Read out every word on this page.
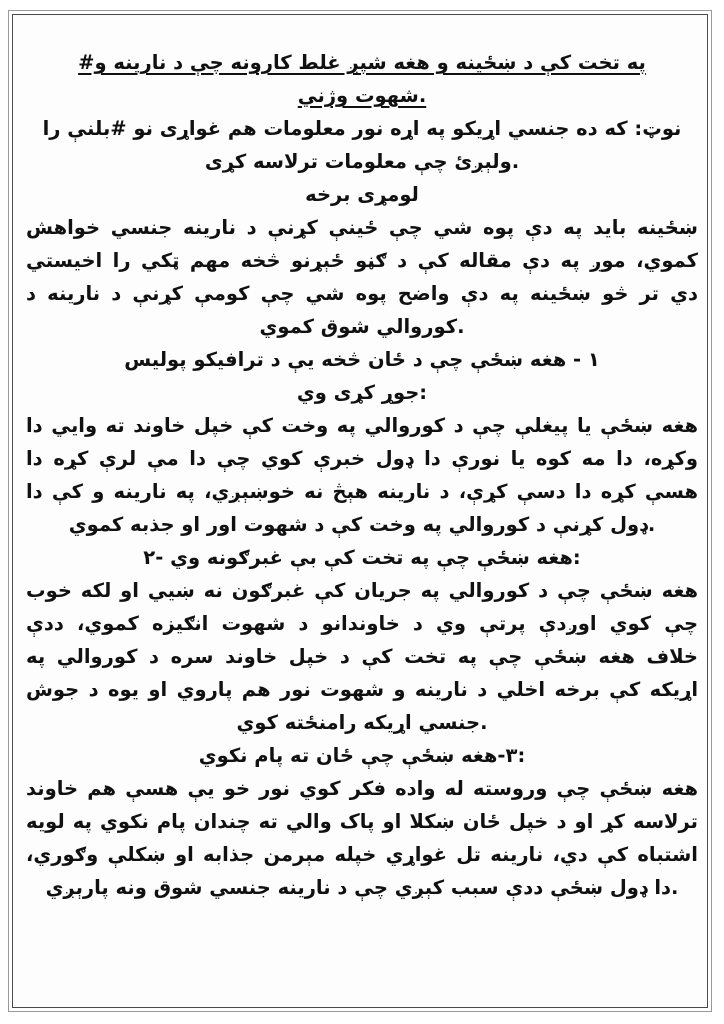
په تخت کې د ښځینه و هغه شپږ غلط کارونه چې د نارینه و#
.شهوت وژني
نوټ: که ده جنسي اړیکو په اړه نور معلومات هم غواړی نو #بلنې را
.ولېږئ چې معلومات ترلاسه کړی
لومړی برخه
ښځینه باید په دې پوه شي چې ځینې کړنې د نارینه جنسي خواهش
کموي، موږ په دې مقاله کې د ګڼو ځېړنو څخه مهم ټکي را اخیستي
دي تر څو ښځینه په دې واضح پوه شي چې کومې کړنې د نارینه د
.کوروالي شوق کموي
۱ - هغه ښځې چې د ځان څخه یې د ترافیکو پولیس
:جوړ کړی وي
هغه ښځې یا پیغلې چې د کوروالي په وخت کې خپل خاوند ته وایي دا
وکړه، دا مه کوه یا نورې دا ډول خبرې کوي چې دا مې لرې کړه دا
هسې کړه دا دسې کړې، د نارینه هېڅ نه خوښېږي، په نارینه و کې دا
.ډول کړنې د کوروالي په وخت کې د شهوت اور او جذبه کموي
:هغه ښځې چې په تخت کې بې غبرګونه وي -۲
هغه ښځې چې د کوروالي په جریان کې غبرګون نه ښیي او لکه خوب
چې کوي اوږدې پرتې وي د خاوندانو د شهوت انګیزه کموي، ددې
خلاف هغه ښځې چې په تخت کې د خپل خاوند سره د کوروالي په
اړیکه کې برخه اخلي د نارینه و شهوت نور هم پاروي او یوه د جوش
.جنسي اړیکه رامنځته کوي
:۳-هغه ښځې چې ځان ته پام نکوي
هغه ښځې چې وروسته له واده فکر کوي نور خو یې هسې هم خاوند
ترلاسه کړ او د خپل ځان ښکلا او پاک والي ته چندان پام نکوي په لویه
اشتباه کې دي، نارینه تل غواړي خپله مېرمن جذابه او ښکلې وګوري،
.دا ډول ښځې ددې سبب کېږي چې د نارینه جنسي شوق ونه پارېږي
